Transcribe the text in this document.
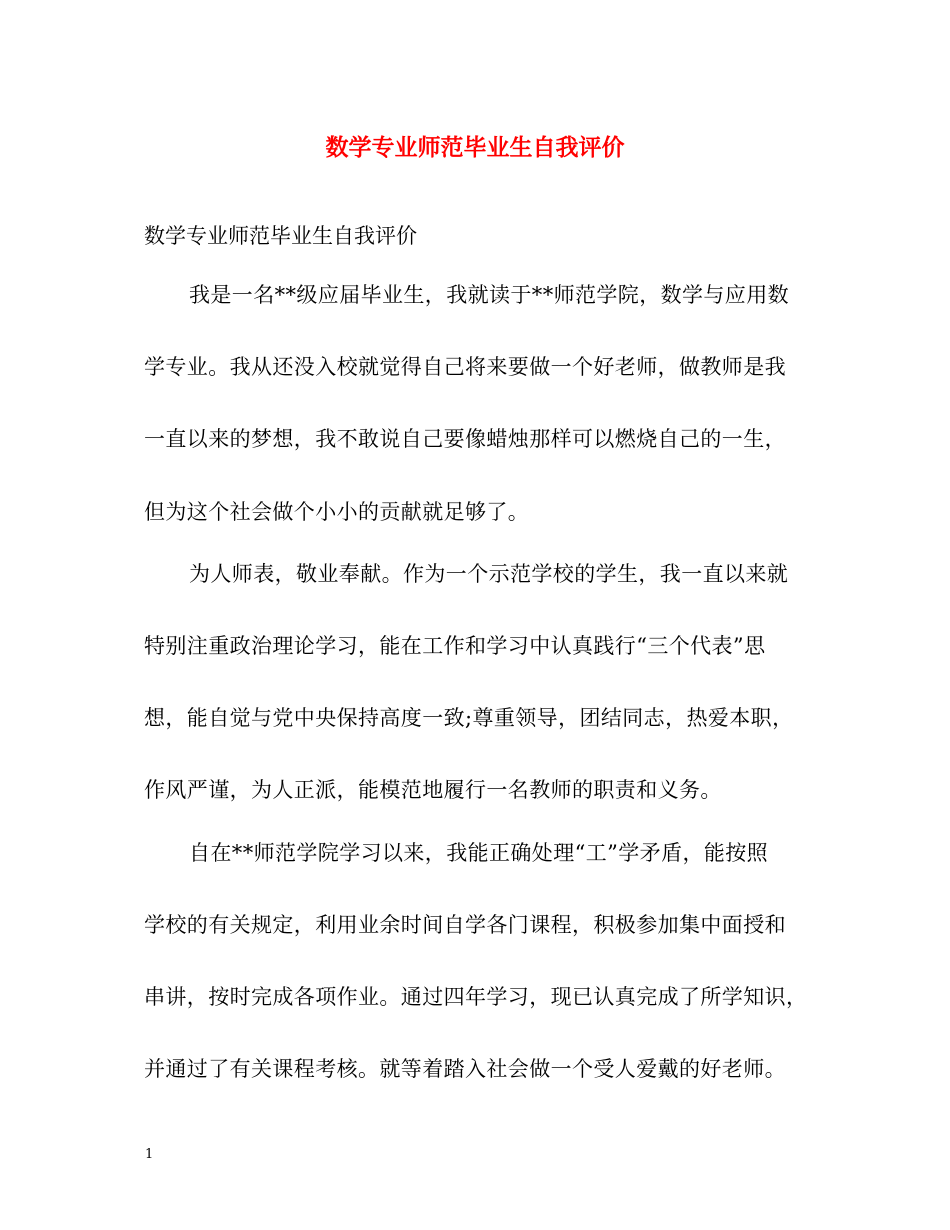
数学专业师范毕业生自我评价

数学专业师范毕业生自我评价

我是一名**级应届毕业生，我就读于**师范学院，数学与应用数

学专业。我从还没入校就觉得自己将来要做一个好老师，做教师是我

一直以来的梦想，我不敢说自己要像蜡烛那样可以燃烧自己的一生，

但为这个社会做个小小的贡献就足够了。

为人师表，敬业奉献。作为一个示范学校的学生，我一直以来就

特别注重政治理论学习，能在工作和学习中认真践行“三个代表”思

想，能自觉与党中央保持高度一致;尊重领导，团结同志，热爱本职，

作风严谨，为人正派，能模范地履行一名教师的职责和义务。

自在**师范学院学习以来，我能正确处理“工”学矛盾，能按照

学校的有关规定，利用业余时间自学各门课程，积极参加集中面授和

串讲，按时完成各项作业。通过四年学习，现已认真完成了所学知识，

并通过了有关课程考核。就等着踏入社会做一个受人爱戴的好老师。

1
